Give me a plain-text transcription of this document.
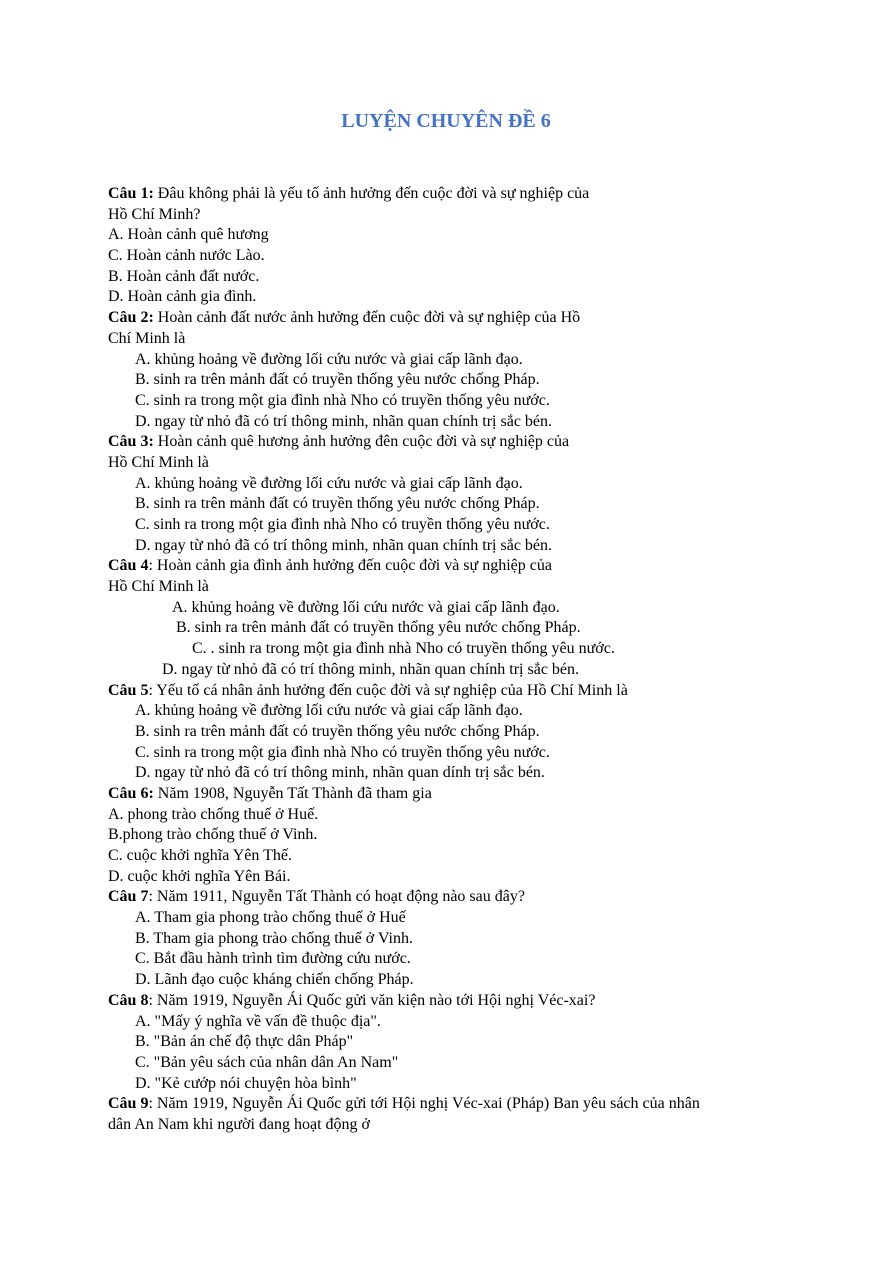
LUYỆN CHUYÊN ĐỀ 6
Câu 1: Đâu không phải là yếu tố ảnh hưởng đến cuộc đời và sự nghiệp của
Hồ Chí Minh?
A. Hoàn cảnh quê hương
C. Hoàn cảnh nước Lào.
B. Hoàn cảnh đất nước.
D. Hoàn cảnh gia đình.
Câu 2: Hoàn cảnh đất nước ảnh hưởng đến cuộc đời và sự nghiệp của Hồ
Chí Minh là
A. khủng hoảng về đường lối cứu nước và giai cấp lãnh đạo.
B. sinh ra trên mảnh đất có truyền thống yêu nước chống Pháp.
C. sinh ra trong một gia đình nhà Nho có truyền thống yêu nước.
D. ngay từ nhỏ đã có trí thông minh, nhãn quan chính trị sắc bén.
Câu 3: Hoàn cảnh quê hương ảnh hưởng đên cuộc đời và sự nghiệp của
Hồ Chí Minh là
A. khủng hoảng về đường lối cứu nước và giai cấp lãnh đạo.
B. sinh ra trên mảnh đất có truyền thống yêu nước chống Pháp.
C. sinh ra trong một gia đình nhà Nho có truyền thống yêu nước.
D. ngay từ nhỏ đã có trí thông minh, nhãn quan chính trị sắc bén.
Câu 4: Hoàn cảnh gia đình ảnh hưởng đến cuộc đời và sự nghiệp của
Hồ Chí Minh là
A. khủng hoảng về đường lối cứu nước và giai cấp lãnh đạo.
B. sinh ra trên mảnh đất có truyền thống yêu nước chống Pháp.
C. . sinh ra trong một gia đình nhà Nho có truyền thống yêu nước.
D. ngay từ nhỏ đã có trí thông minh, nhãn quan chính trị sắc bén.
Câu 5: Yếu tố cá nhân ảnh hưởng đến cuộc đời và sự nghiệp của Hồ Chí Minh là
A. khủng hoảng về đường lối cứu nước và giai cấp lãnh đạo.
B. sinh ra trên mảnh đất có truyền thống yêu nước chống Pháp.
C. sinh ra trong một gia đình nhà Nho có truyền thống yêu nước.
D. ngay từ nhỏ đã có trí thông minh, nhãn quan dính trị sắc bén.
Câu 6: Năm 1908, Nguyễn Tất Thành đã tham gia
A. phong trào chống thuế ở Huế.
B.phong trào chống thuế ở Vinh.
C. cuộc khởi nghĩa Yên Thế.
D. cuộc khởi nghĩa Yên Bái.
Câu 7: Năm 1911, Nguyễn Tất Thành có hoạt động nào sau đây?
A. Tham gia phong trào chống thuế ở Huế
B. Tham gia phong trào chống thuế ở Vinh.
C. Bắt đầu hành trình tìm đường cứu nước.
D. Lãnh đạo cuộc kháng chiến chống Pháp.
Câu 8: Năm 1919, Nguyễn Ái Quốc gửi văn kiện nào tới Hội nghị Véc-xai?
A. "Mấy ý nghĩa về vấn đề thuộc địa".
B. "Bản án chế độ thực dân Pháp"
C. "Bản yêu sách của nhân dân An Nam"
D. "Kẻ cướp nói chuyện hòa bình"
Câu 9: Năm 1919, Nguyễn Ái Quốc gửi tới Hội nghị Véc-xai (Pháp) Ban yêu sách của nhân
dân An Nam khi người đang hoạt động ở
